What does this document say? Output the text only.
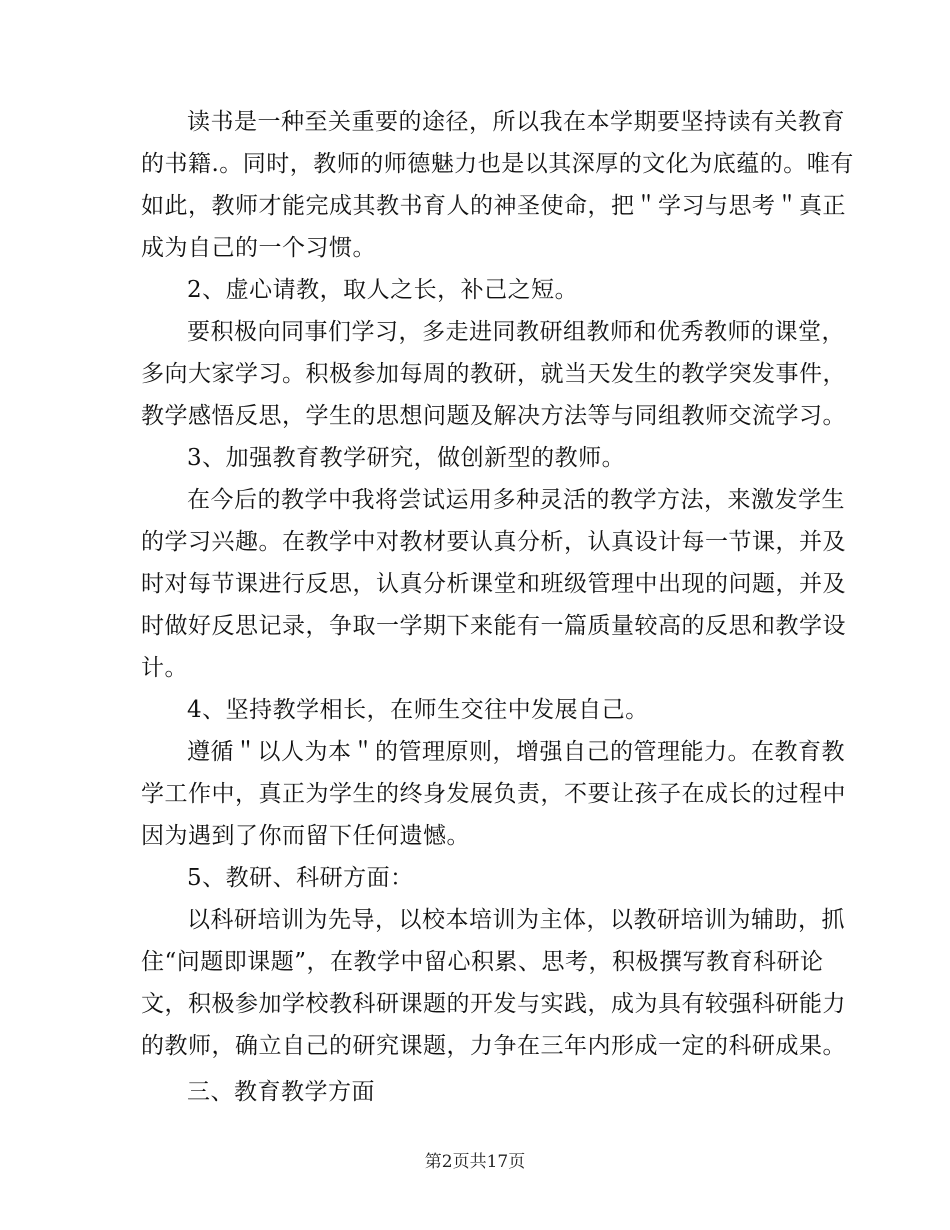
读书是一种至关重要的途径，所以我在本学期要坚持读有关教育
的书籍.。同时，教师的师德魅力也是以其深厚的文化为底蕴的。唯有
如此，教师才能完成其教书育人的神圣使命，把＂学习与思考＂真正
成为自己的一个习惯。
2、虚心请教，取人之长，补己之短。
要积极向同事们学习，多走进同教研组教师和优秀教师的课堂，
多向大家学习。积极参加每周的教研，就当天发生的教学突发事件，
教学感悟反思，学生的思想问题及解决方法等与同组教师交流学习。
3、加强教育教学研究，做创新型的教师。
在今后的教学中我将尝试运用多种灵活的教学方法，来激发学生
的学习兴趣。在教学中对教材要认真分析，认真设计每一节课，并及
时对每节课进行反思，认真分析课堂和班级管理中出现的问题，并及
时做好反思记录，争取一学期下来能有一篇质量较高的反思和教学设
计。
4、坚持教学相长，在师生交往中发展自己。
遵循＂以人为本＂的管理原则，增强自己的管理能力。在教育教
学工作中，真正为学生的终身发展负责，不要让孩子在成长的过程中
因为遇到了你而留下任何遗憾。
5、教研、科研方面：
以科研培训为先导，以校本培训为主体，以教研培训为辅助，抓
住“问题即课题”，在教学中留心积累、思考，积极撰写教育科研论
文，积极参加学校教科研课题的开发与实践，成为具有较强科研能力
的教师，确立自己的研究课题，力争在三年内形成一定的科研成果。
三、教育教学方面
第2页共17页
